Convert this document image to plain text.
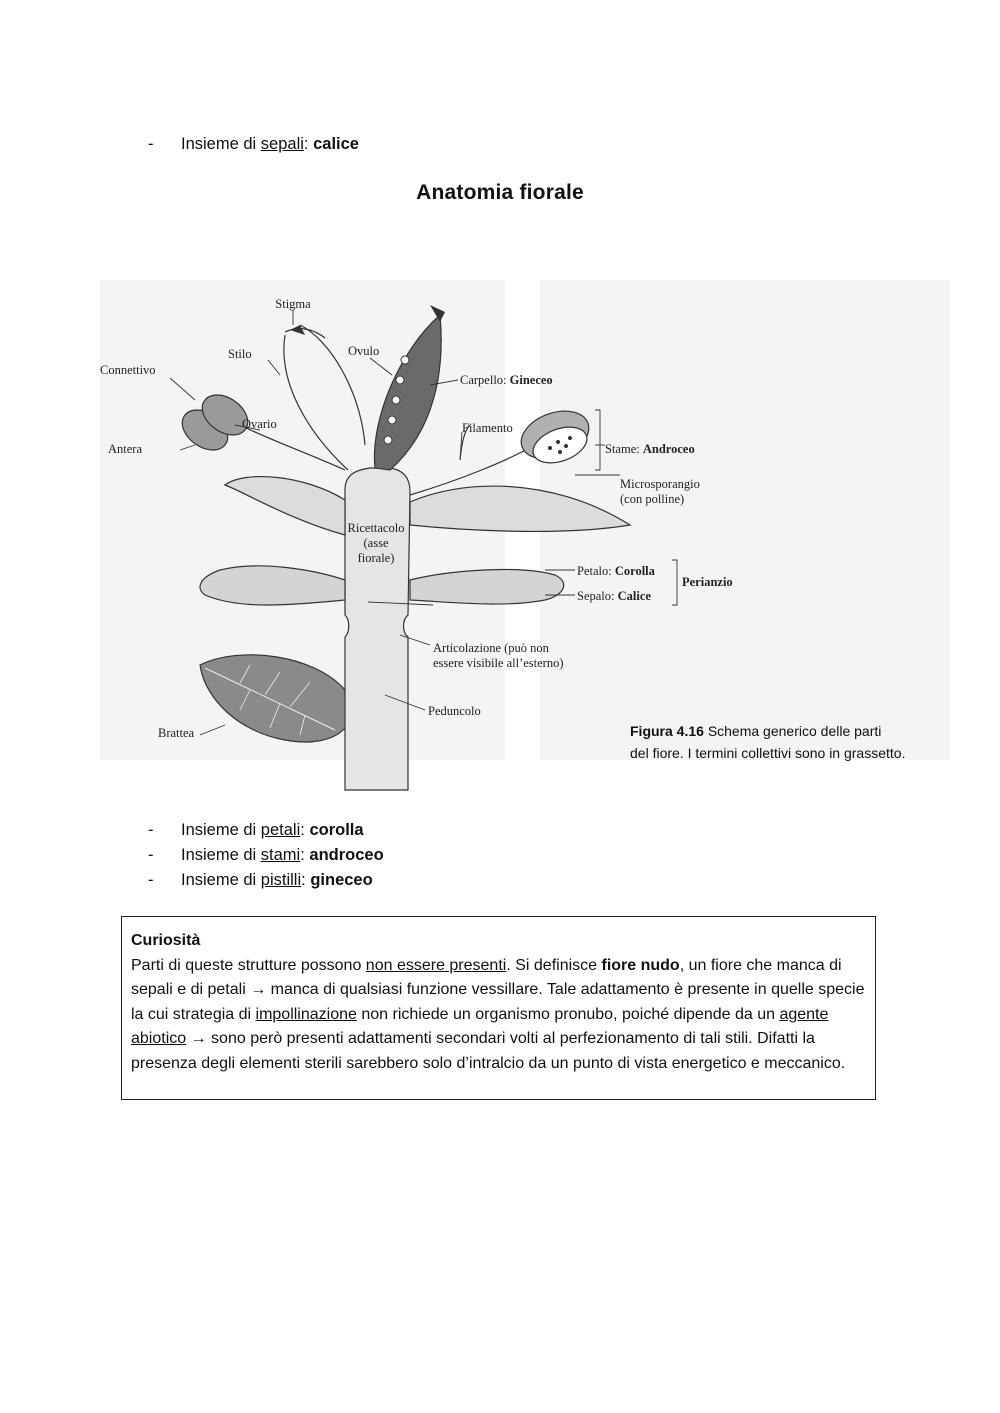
-	Insieme di
sepali :
calice
Anatomia fiorale
Stigma
Ovulo
Stilo
Connettivo
Carpello: Gineceo
Ovario	Filamento
Antera	Stame: Androceo
Microsporangio
(con polline)
Ricettacolo
(asse
fiorale)
Petalo: Corolla
Perianzio
Sepalo: Calice
Articolazione (può non
essere visibile all’esterno)
Peduncolo
Brattea	Figura 4.16 Schema generico delle parti
del fiore. I termini collettivi sono in grassetto.
-	Insieme di
petali :
corolla
-	Insieme di
stami :
androceo
-	Insieme di
pistilli :
gineceo
Curiosità
Parti di queste strutture possono non essere presenti. Si definisce fiore nudo, un fiore che manca di sepali e di petali → manca di qualsiasi funzione vessillare. Tale adattamento è presente in quelle specie la cui strategia di impollinazione non richiede un organismo pronubo, poiché dipende da un agente abiotico → sono però presenti adattamenti secondari volti al perfezionamento di tali stili. Difatti la presenza degli elementi sterili sarebbero solo d’intralcio da un punto di vista energetico e meccanico.
